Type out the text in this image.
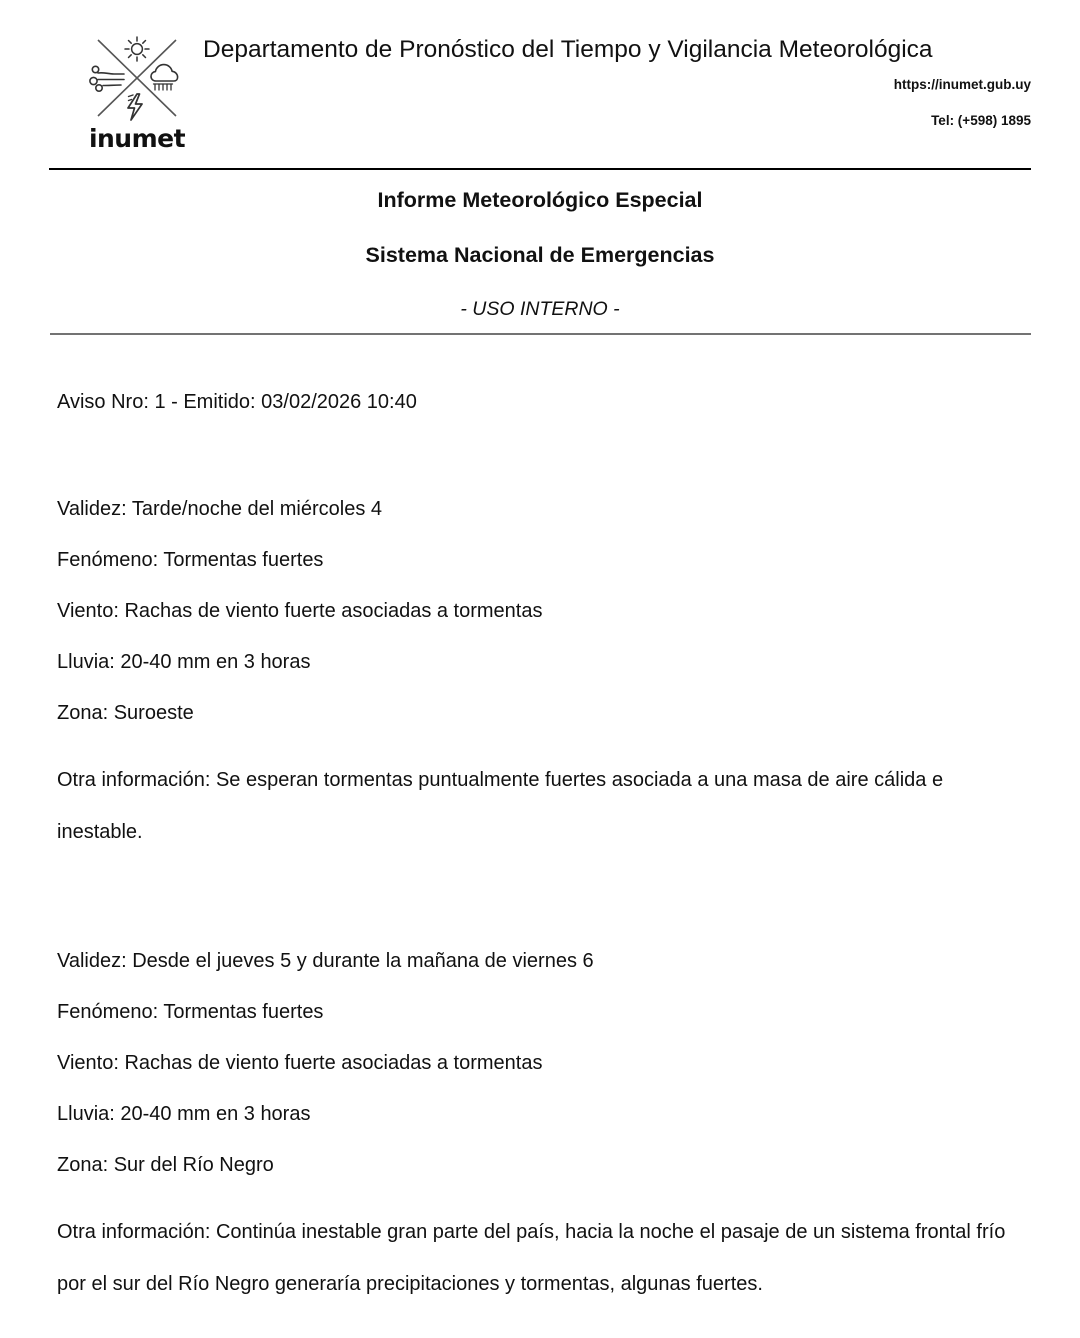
inumet
Departamento de Pronóstico del Tiempo y Vigilancia Meteorológica
https://inumet.gub.uy
Tel: (+598) 1895
Informe Meteorológico Especial
Sistema Nacional de Emergencias
- USO INTERNO -
Aviso Nro: 1 - Emitido: 03/02/2026 10:40
Validez: Tarde/noche del miércoles 4
Fenómeno: Tormentas fuertes
Viento: Rachas de viento fuerte asociadas a tormentas
Lluvia: 20-40 mm en 3 horas
Zona: Suroeste
Otra información: Se esperan tormentas puntualmente fuertes asociada a una masa de aire cálida e inestable.
Validez: Desde el jueves 5 y durante la mañana de viernes 6
Fenómeno: Tormentas fuertes
Viento: Rachas de viento fuerte asociadas a tormentas
Lluvia: 20-40 mm en 3 horas
Zona: Sur del Río Negro
Otra información: Continúa inestable gran parte del país, hacia la noche el pasaje de un sistema frontal frío por el sur del Río Negro generaría precipitaciones y tormentas, algunas fuertes.
